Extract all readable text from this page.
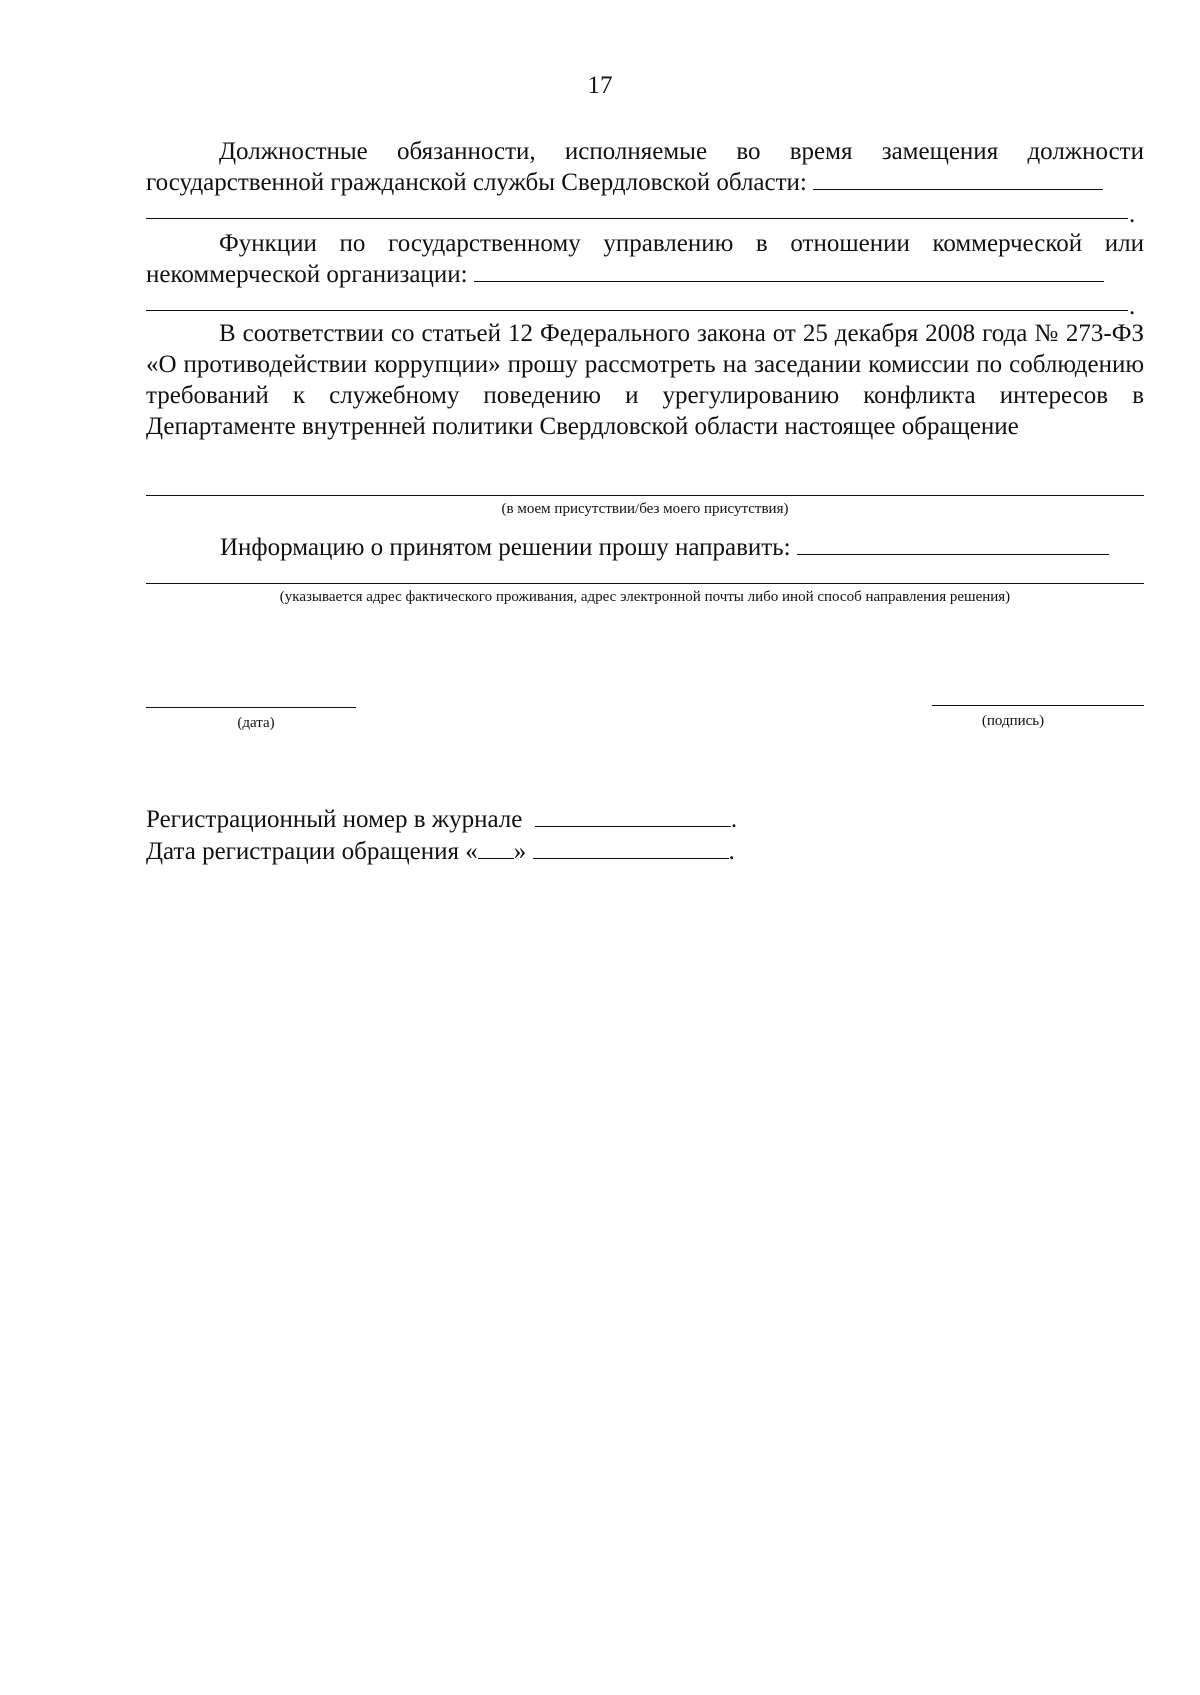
17
Должностные обязанности, исполняемые во время замещения должности государственной гражданской службы Свердловской области:
.
Функции по государственному управлению в отношении коммерческой или некоммерческой организации:
.
В соответствии со статьей 12 Федерального закона от 25 декабря 2008 года № 273-ФЗ «О противодействии коррупции» прошу рассмотреть на заседании комиссии по соблюдению требований к служебному поведению и урегулированию конфликта интересов в Департаменте внутренней политики Свердловской области настоящее обращение
(в моем присутствии/без моего присутствия)
Информацию о принятом решении прошу направить:
(указывается адрес фактического проживания, адрес электронной почты либо иной способ направления решения)
(дата)	(подпись)
Регистрационный номер в журнале	.
Дата регистрации обращения « »	.
